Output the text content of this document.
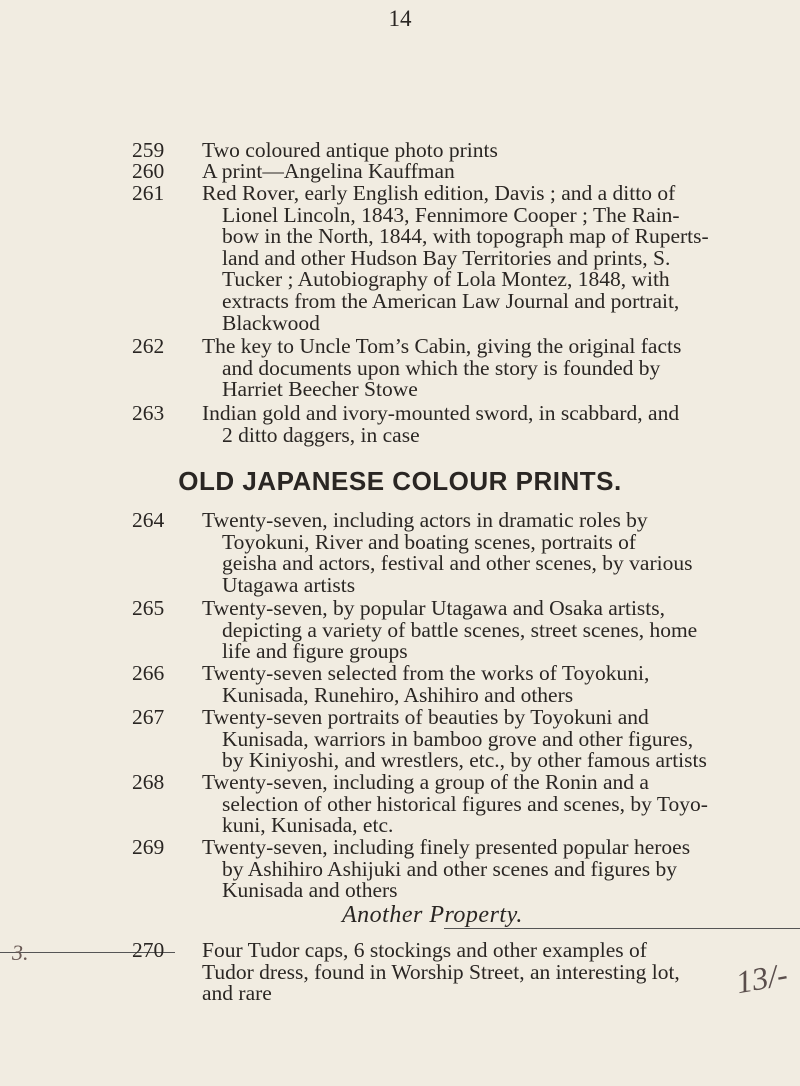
14
259	Two coloured antique photo prints
260	A print—Angelina Kauffman
261	Red Rover, early English edition, Davis ; and a ditto of
Lionel Lincoln, 1843, Fennimore Cooper ; The Rain-
bow in the North, 1844, with topograph map of Ruperts-
land and other Hudson Bay Territories and prints, S.
Tucker ; Autobiography of Lola Montez, 1848, with
extracts from the American Law Journal and portrait,
Blackwood
262	The key to Uncle Tom’s Cabin, giving the original facts
and documents upon which the story is founded by
Harriet Beecher Stowe
263	Indian gold and ivory-mounted sword, in scabbard, and
2 ditto daggers, in case
OLD JAPANESE COLOUR PRINTS.
264	Twenty-seven, including actors in dramatic roles by
Toyokuni, River and boating scenes, portraits of
geisha and actors, festival and other scenes, by various
Utagawa artists
265	Twenty-seven, by popular Utagawa and Osaka artists,
depicting a variety of battle scenes, street scenes, home
life and figure groups
266	Twenty-seven selected from the works of Toyokuni,
Kunisada, Runehiro, Ashihiro and others
267	Twenty-seven portraits of beauties by Toyokuni and
Kunisada, warriors in bamboo grove and other figures,
by Kiniyoshi, and wrestlers, etc., by other famous artists
268	Twenty-seven, including a group of the Ronin and a
selection of other historical figures and scenes, by Toyo-
kuni, Kunisada, etc.
269	Twenty-seven, including finely presented popular heroes
by Ashihiro Ashijuki and other scenes and figures by
Kunisada and others
Another Property.
270	Four Tudor caps, 6 stockings and other examples of
Tudor dress, found in Worship Street, an interesting lot,
and rare
3.
13/-
